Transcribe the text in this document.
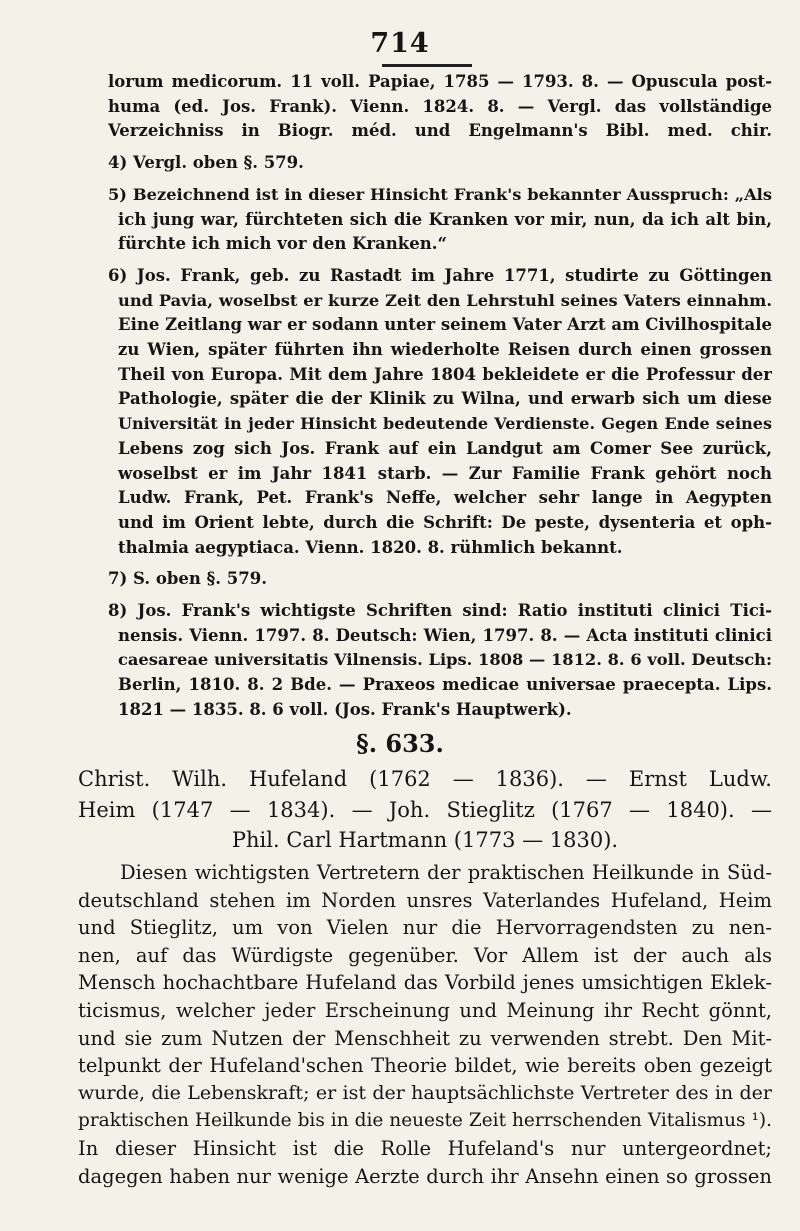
714
lorum medicorum. 11 voll. Papiae, 1785 — 1793. 8. — Opuscula post-
huma (ed. Jos. Frank). Vienn. 1824. 8. — Vergl. das vollständige
Verzeichniss in Biogr. méd. und Engelmann's Bibl. med. chir.
4) Vergl. oben §. 579.
5) Bezeichnend ist in dieser Hinsicht Frank's bekannter Ausspruch: „Als
ich jung war, fürchteten sich die Kranken vor mir, nun, da ich alt bin,
fürchte ich mich vor den Kranken.“
6) Jos. Frank, geb. zu Rastadt im Jahre 1771, studirte zu Göttingen
und Pavia, woselbst er kurze Zeit den Lehrstuhl seines Vaters einnahm.
Eine Zeitlang war er sodann unter seinem Vater Arzt am Civilhospitale
zu Wien, später führten ihn wiederholte Reisen durch einen grossen
Theil von Europa. Mit dem Jahre 1804 bekleidete er die Professur der
Pathologie, später die der Klinik zu Wilna, und erwarb sich um diese
Universität in jeder Hinsicht bedeutende Verdienste. Gegen Ende seines
Lebens zog sich Jos. Frank auf ein Landgut am Comer See zurück,
woselbst er im Jahr 1841 starb. — Zur Familie Frank gehört noch
Ludw. Frank, Pet. Frank's Neffe, welcher sehr lange in Aegypten
und im Orient lebte, durch die Schrift: De peste, dysenteria et oph-
thalmia aegyptiaca. Vienn. 1820. 8. rühmlich bekannt.
7) S. oben §. 579.
8) Jos. Frank's wichtigste Schriften sind: Ratio instituti clinici Tici-
nensis. Vienn. 1797. 8. Deutsch: Wien, 1797. 8. — Acta instituti clinici
caesareae universitatis Vilnensis. Lips. 1808 — 1812. 8. 6 voll. Deutsch:
Berlin, 1810. 8. 2 Bde. — Praxeos medicae universae praecepta. Lips.
1821 — 1835. 8. 6 voll. (Jos. Frank's Hauptwerk).
§. 633.
Christ. Wilh. Hufeland (1762 — 1836). — Ernst Ludw.
Heim (1747 — 1834). — Joh. Stieglitz (1767 — 1840). —
Phil. Carl Hartmann (1773 — 1830).
Diesen wichtigsten Vertretern der praktischen Heilkunde in Süd-
deutschland stehen im Norden unsres Vaterlandes Hufeland, Heim
und Stieglitz, um von Vielen nur die Hervorragendsten zu nen-
nen, auf das Würdigste gegenüber. Vor Allem ist der auch als
Mensch hochachtbare Hufeland das Vorbild jenes umsichtigen Eklek-
ticismus, welcher jeder Erscheinung und Meinung ihr Recht gönnt,
und sie zum Nutzen der Menschheit zu verwenden strebt. Den Mit-
telpunkt der Hufeland'schen Theorie bildet, wie bereits oben gezeigt
wurde, die Lebenskraft; er ist der hauptsächlichste Vertreter des in der
praktischen Heilkunde bis in die neueste Zeit herrschenden Vitalismus ¹).
In dieser Hinsicht ist die Rolle Hufeland's nur untergeordnet;
dagegen haben nur wenige Aerzte durch ihr Ansehn einen so grossen
